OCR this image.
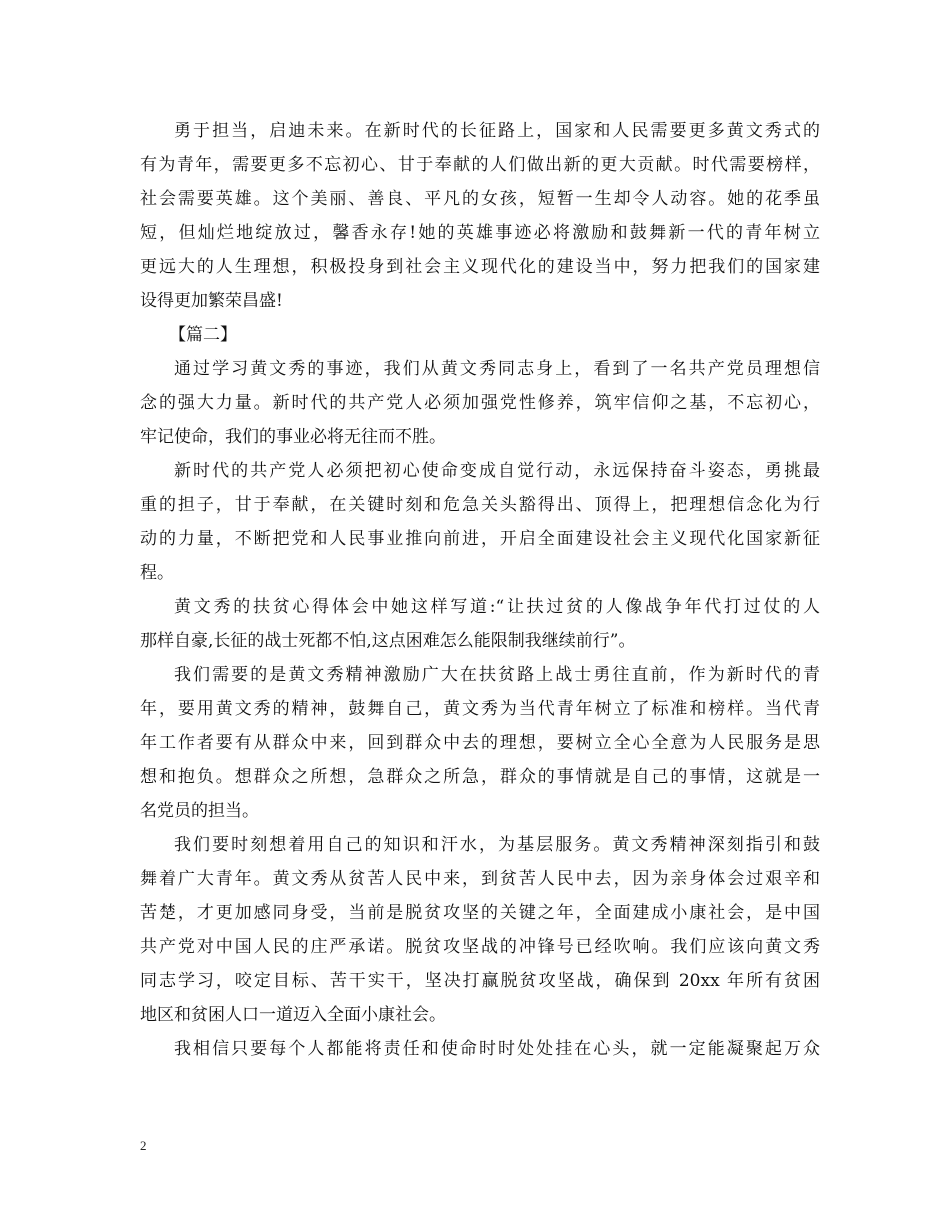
勇于担当，启迪未来。在新时代的长征路上，国家和人民需要更多黄文秀式的
有为青年，需要更多不忘初心、甘于奉献的人们做出新的更大贡献。时代需要榜样，
社会需要英雄。这个美丽、善良、平凡的女孩，短暂一生却令人动容。她的花季虽
短，但灿烂地绽放过，馨香永存!她的英雄事迹必将激励和鼓舞新一代的青年树立
更远大的人生理想，积极投身到社会主义现代化的建设当中，努力把我们的国家建
设得更加繁荣昌盛!
【篇二】
通过学习黄文秀的事迹，我们从黄文秀同志身上，看到了一名共产党员理想信
念的强大力量。新时代的共产党人必须加强党性修养，筑牢信仰之基，不忘初心，
牢记使命，我们的事业必将无往而不胜。
新时代的共产党人必须把初心使命变成自觉行动，永远保持奋斗姿态，勇挑最
重的担子，甘于奉献，在关键时刻和危急关头豁得出、顶得上，把理想信念化为行
动的力量，不断把党和人民事业推向前进，开启全面建设社会主义现代化国家新征
程。
黄文秀的扶贫心得体会中她这样写道:“让扶过贫的人像战争年代打过仗的人
那样自豪,长征的战士死都不怕,这点困难怎么能限制我继续前行”。
我们需要的是黄文秀精神激励广大在扶贫路上战士勇往直前，作为新时代的青
年，要用黄文秀的精神，鼓舞自己，黄文秀为当代青年树立了标准和榜样。当代青
年工作者要有从群众中来，回到群众中去的理想，要树立全心全意为人民服务是思
想和抱负。想群众之所想，急群众之所急，群众的事情就是自己的事情，这就是一
名党员的担当。
我们要时刻想着用自己的知识和汗水，为基层服务。黄文秀精神深刻指引和鼓
舞着广大青年。黄文秀从贫苦人民中来，到贫苦人民中去，因为亲身体会过艰辛和
苦楚，才更加感同身受，当前是脱贫攻坚的关键之年，全面建成小康社会，是中国
共产党对中国人民的庄严承诺。脱贫攻坚战的冲锋号已经吹响。我们应该向黄文秀
同志学习，咬定目标、苦干实干，坚决打赢脱贫攻坚战，确保到 20xx 年所有贫困
地区和贫困人口一道迈入全面小康社会。
我相信只要每个人都能将责任和使命时时处处挂在心头，就一定能凝聚起万众
2
